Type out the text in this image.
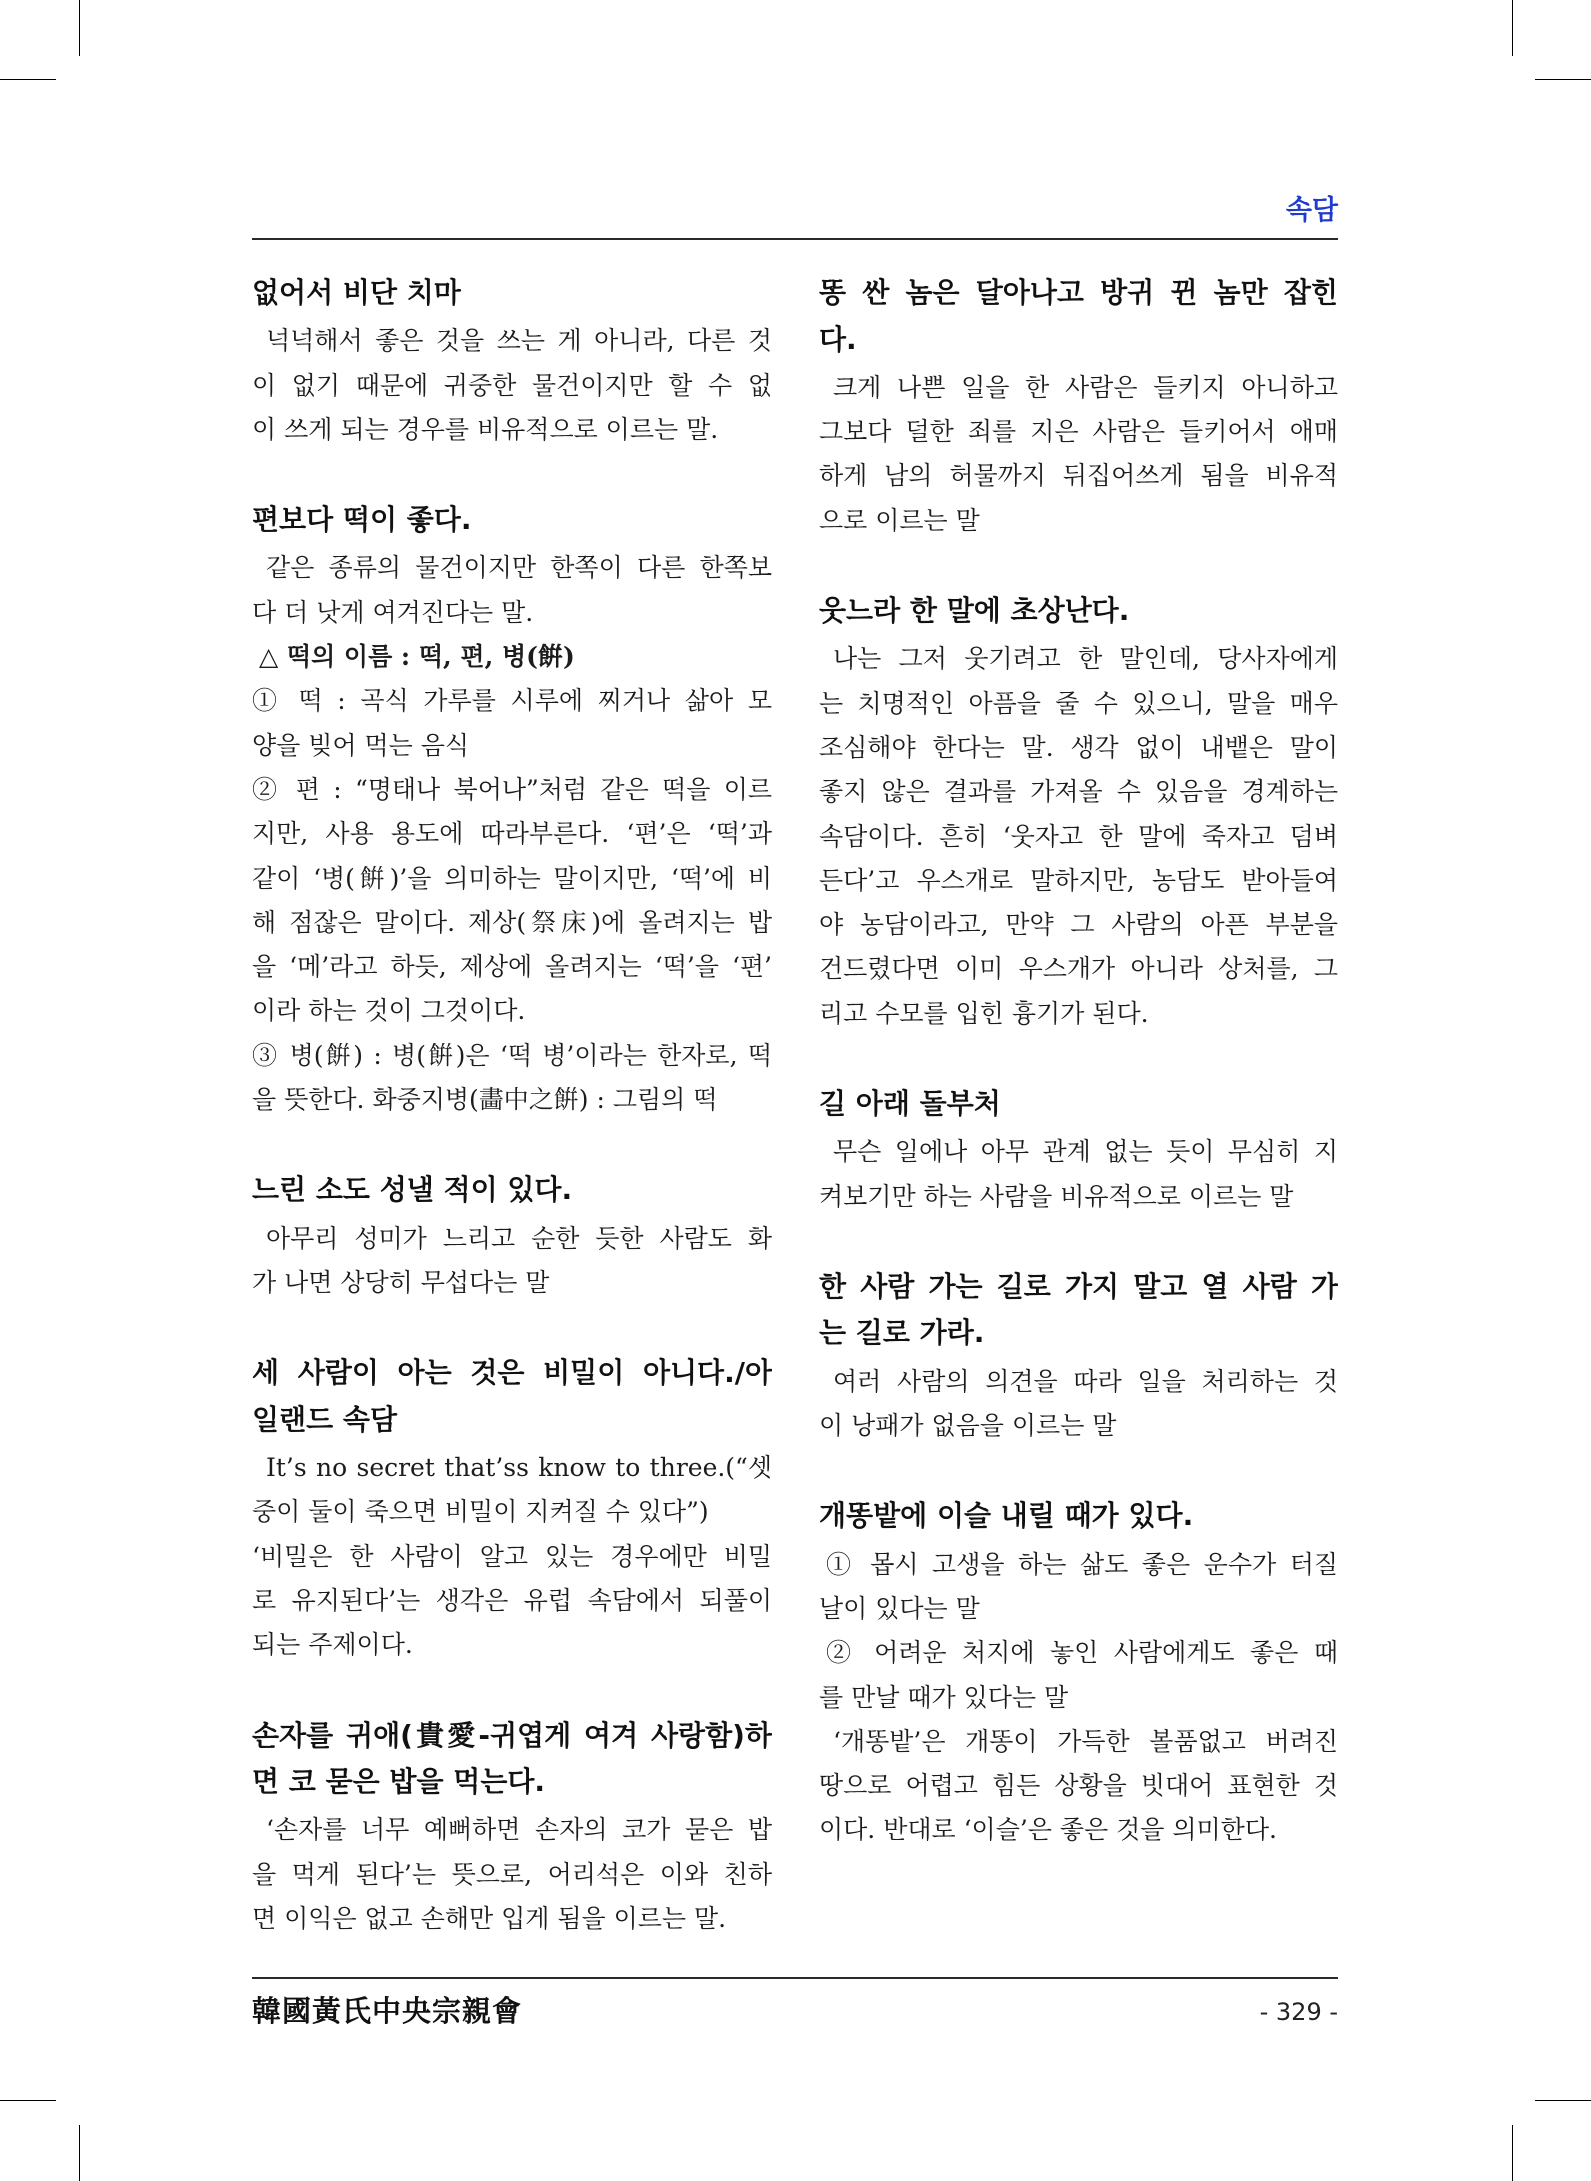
속담
없어서 비단 치마
넉넉해서 좋은 것을 쓰는 게 아니라, 다른 것
이 없기 때문에 귀중한 물건이지만 할 수 없
이 쓰게 되는 경우를 비유적으로 이르는 말.
편보다 떡이 좋다.
같은 종류의 물건이지만 한쪽이 다른 한쪽보
다 더 낫게 여겨진다는 말.
△ 떡의 이름 : 떡, 편, 병(餠)
① 떡 : 곡식 가루를 시루에 찌거나 삶아 모
양을 빚어 먹는 음식
② 편 : “명태나 북어나”처럼 같은 떡을 이르
지만, 사용 용도에 따라부른다. ‘편’은 ‘떡’과
같이 ‘병(餠)’을 의미하는 말이지만, ‘떡’에 비
해 점잖은 말이다. 제상(祭床)에 올려지는 밥
을 ‘메’라고 하듯, 제상에 올려지는 ‘떡’을 ‘편’
이라 하는 것이 그것이다.
③ 병(餠) : 병(餠)은 ‘떡 병’이라는 한자로, 떡
을 뜻한다. 화중지병(畵中之餠) : 그림의 떡
느린 소도 성낼 적이 있다.
아무리 성미가 느리고 순한 듯한 사람도 화
가 나면 상당히 무섭다는 말
세 사람이 아는 것은 비밀이 아니다./아
일랜드 속담
It’s no secret that’ss know to three.(“셋
중이 둘이 죽으면 비밀이 지켜질 수 있다”)
‘비밀은 한 사람이 알고 있는 경우에만 비밀
로 유지된다’는 생각은 유럽 속담에서 되풀이
되는 주제이다.
손자를 귀애(貴愛-귀엽게 여겨 사랑함)하
면 코 묻은 밥을 먹는다.
‘손자를 너무 예뻐하면 손자의 코가 묻은 밥
을 먹게 된다’는 뜻으로, 어리석은 이와 친하
면 이익은 없고 손해만 입게 됨을 이르는 말.
똥 싼 놈은 달아나고 방귀 뀐 놈만 잡힌
다.
크게 나쁜 일을 한 사람은 들키지 아니하고
그보다 덜한 죄를 지은 사람은 들키어서 애매
하게 남의 허물까지 뒤집어쓰게 됨을 비유적
으로 이르는 말
웃느라 한 말에 초상난다.
나는 그저 웃기려고 한 말인데, 당사자에게
는 치명적인 아픔을 줄 수 있으니, 말을 매우
조심해야 한다는 말. 생각 없이 내뱉은 말이
좋지 않은 결과를 가져올 수 있음을 경계하는
속담이다. 흔히 ‘웃자고 한 말에 죽자고 덤벼
든다’고 우스개로 말하지만, 농담도 받아들여
야 농담이라고, 만약 그 사람의 아픈 부분을
건드렸다면 이미 우스개가 아니라 상처를, 그
리고 수모를 입힌 흉기가 된다.
길 아래 돌부처
무슨 일에나 아무 관계 없는 듯이 무심히 지
켜보기만 하는 사람을 비유적으로 이르는 말
한 사람 가는 길로 가지 말고 열 사람 가
는 길로 가라.
여러 사람의 의견을 따라 일을 처리하는 것
이 낭패가 없음을 이르는 말
개똥밭에 이슬 내릴 때가 있다.
① 몹시 고생을 하는 삶도 좋은 운수가 터질
날이 있다는 말
② 어려운 처지에 놓인 사람에게도 좋은 때
를 만날 때가 있다는 말
‘개똥밭’은 개똥이 가득한 볼품없고 버려진
땅으로 어렵고 힘든 상황을 빗대어 표현한 것
이다. 반대로 ‘이슬’은 좋은 것을 의미한다.
韓國黃氏中央宗親會	- 329 -
